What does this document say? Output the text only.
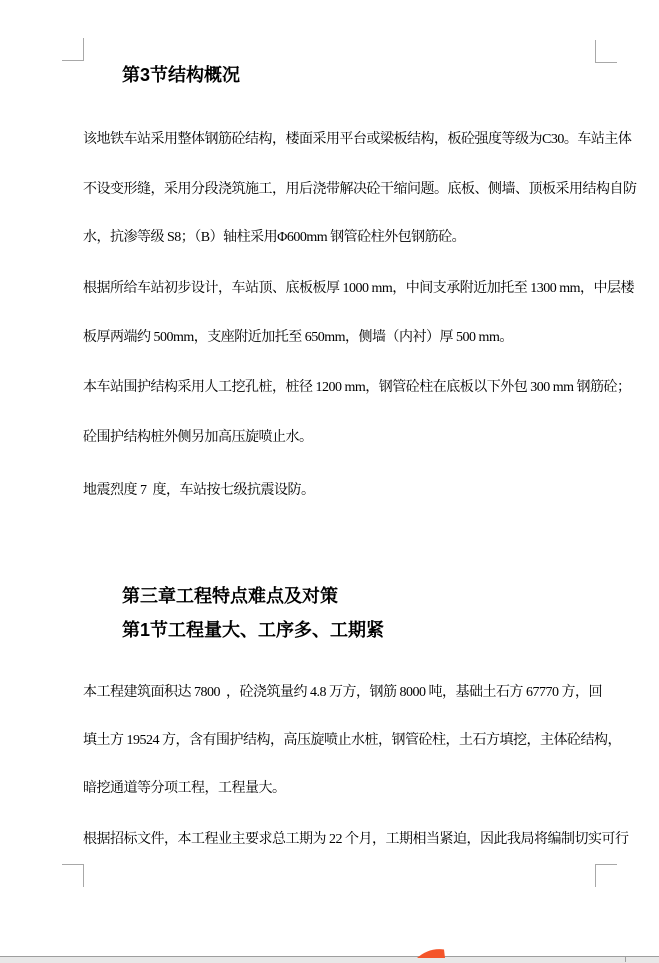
第3节结构概况
该地铁车站采用整体钢筋砼结构，楼面采用平台或梁板结构，板砼强度等级为C30。车站主体
不设变形缝，采用分段浇筑施工，用后浇带解决砼干缩问题。底板、侧墙、顶板采用结构自防
水，抗渗等级 S8；（B）轴柱采用Φ600mm 钢管砼柱外包钢筋砼。
根据所给车站初步设计，车站顶、底板板厚 1000 mm，中间支承附近加托至 1300 mm，中层楼
板厚两端约 500mm，支座附近加托至 650mm，侧墙（内衬）厚 500 mm。
本车站围护结构采用人工挖孔桩，桩径 1200 mm，钢管砼柱在底板以下外包 300 mm 钢筋砼；
砼围护结构桩外侧另加高压旋喷止水。
地震烈度 7  度，车站按七级抗震设防。
第三章工程特点难点及对策
第1节工程量大、工序多、工期紧
本工程建筑面积达 7800  ，砼浇筑量约 4.8 万方，钢筋 8000 吨，基础土石方 67770 方，回
填土方 19524 方，含有围护结构，高压旋喷止水桩，钢管砼柱，土石方填挖，主体砼结构，
暗挖通道等分项工程，工程量大。
根据招标文件，本工程业主要求总工期为 22 个月，工期相当紧迫，因此我局将编制切实可行
